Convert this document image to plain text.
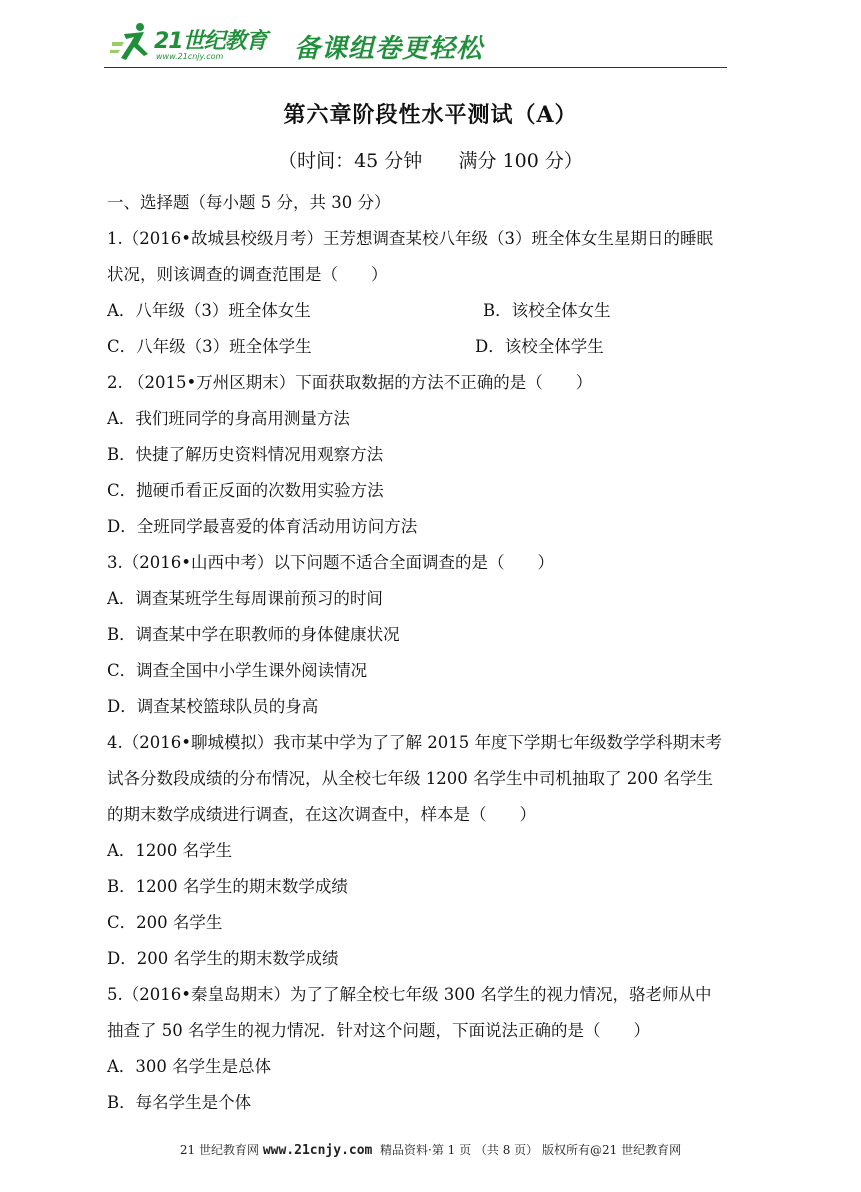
21世纪教育
www.21cnjy.com	备课组卷更轻松
第六章阶段性水平测试（A）
（时间：45 分钟      满分 100 分）
一、选择题（每小题 5 分，共 30 分）
1.（2016•故城县校级月考）王芳想调查某校八年级（3）班全体女生星期日的睡眠
状况，则该调查的调查范围是（　　）
A．八年级（3）班全体女生	B．该校全体女生
C．八年级（3）班全体学生	D．该校全体学生
2. （2015•万州区期末）下面获取数据的方法不正确的是（　　）
A．我们班同学的身高用测量方法
B．快捷了解历史资料情况用观察方法
C．抛硬币看正反面的次数用实验方法
D．全班同学最喜爱的体育活动用访问方法
3.（2016•山西中考）以下问题不适合全面调查的是（　　）
A．调查某班学生每周课前预习的时间
B．调查某中学在职教师的身体健康状况
C．调查全国中小学生课外阅读情况
D．调查某校篮球队员的身高
4.（2016•聊城模拟）我市某中学为了了解 2015 年度下学期七年级数学学科期末考
试各分数段成绩的分布情况，从全校七年级 1200 名学生中司机抽取了 200 名学生
的期末数学成绩进行调查，在这次调查中，样本是（　　）
A．1200 名学生
B．1200 名学生的期末数学成绩
C．200 名学生
D．200 名学生的期末数学成绩
5.（2016•秦皇岛期末）为了了解全校七年级 300 名学生的视力情况，骆老师从中
抽查了 50 名学生的视力情况．针对这个问题，下面说法正确的是（　　）
A．300 名学生是总体
B．每名学生是个体
21 世纪教育网 www.21cnjy.com  精品资料·第 1 页 （共 8 页） 版权所有@21 世纪教育网
